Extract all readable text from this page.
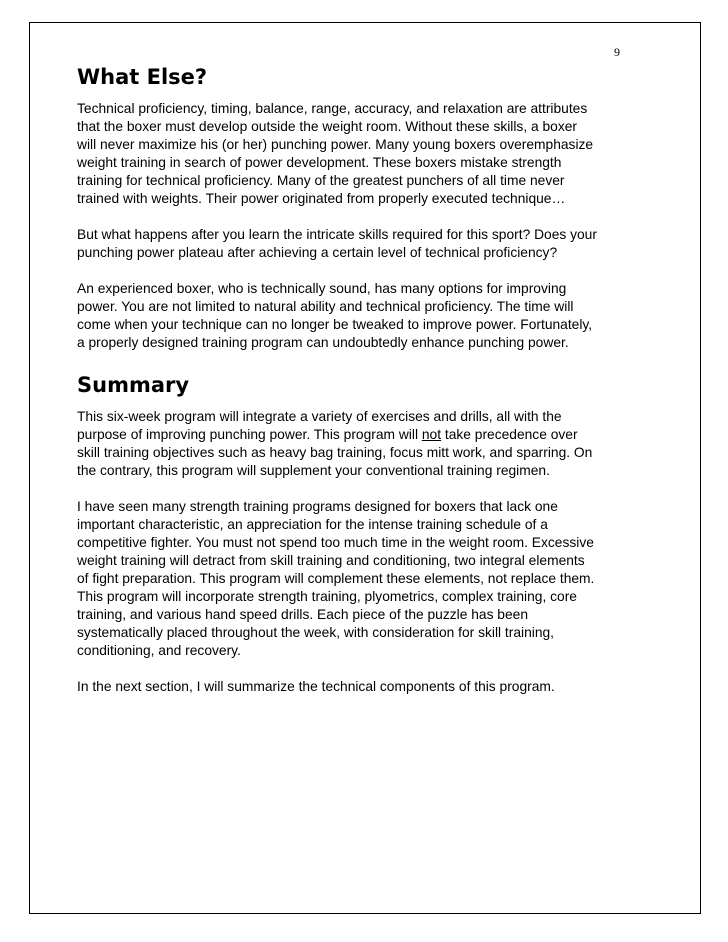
9
What Else?

Technical proficiency, timing, balance, range, accuracy, and relaxation are attributes that the boxer must develop outside the weight room. Without these skills, a boxer will never maximize his (or her) punching power. Many young boxers overemphasize weight training in search of power development. These boxers mistake strength training for technical proficiency. Many of the greatest punchers of all time never trained with weights. Their power originated from properly executed technique…

But what happens after you learn the intricate skills required for this sport? Does your punching power plateau after achieving a certain level of technical proficiency?

An experienced boxer, who is technically sound, has many options for improving power. You are not limited to natural ability and technical proficiency. The time will come when your technique can no longer be tweaked to improve power. Fortunately, a properly designed training program can undoubtedly enhance punching power.

Summary

This six-week program will integrate a variety of exercises and drills, all with the purpose of improving punching power. This program will not take precedence over skill training objectives such as heavy bag training, focus mitt work, and sparring. On the contrary, this program will supplement your conventional training regimen.

I have seen many strength training programs designed for boxers that lack one important characteristic, an appreciation for the intense training schedule of a competitive fighter. You must not spend too much time in the weight room. Excessive weight training will detract from skill training and conditioning, two integral elements of fight preparation. This program will complement these elements, not replace them. This program will incorporate strength training, plyometrics, complex training, core training, and various hand speed drills. Each piece of the puzzle has been systematically placed throughout the week, with consideration for skill training, conditioning, and recovery.

In the next section, I will summarize the technical components of this program.
